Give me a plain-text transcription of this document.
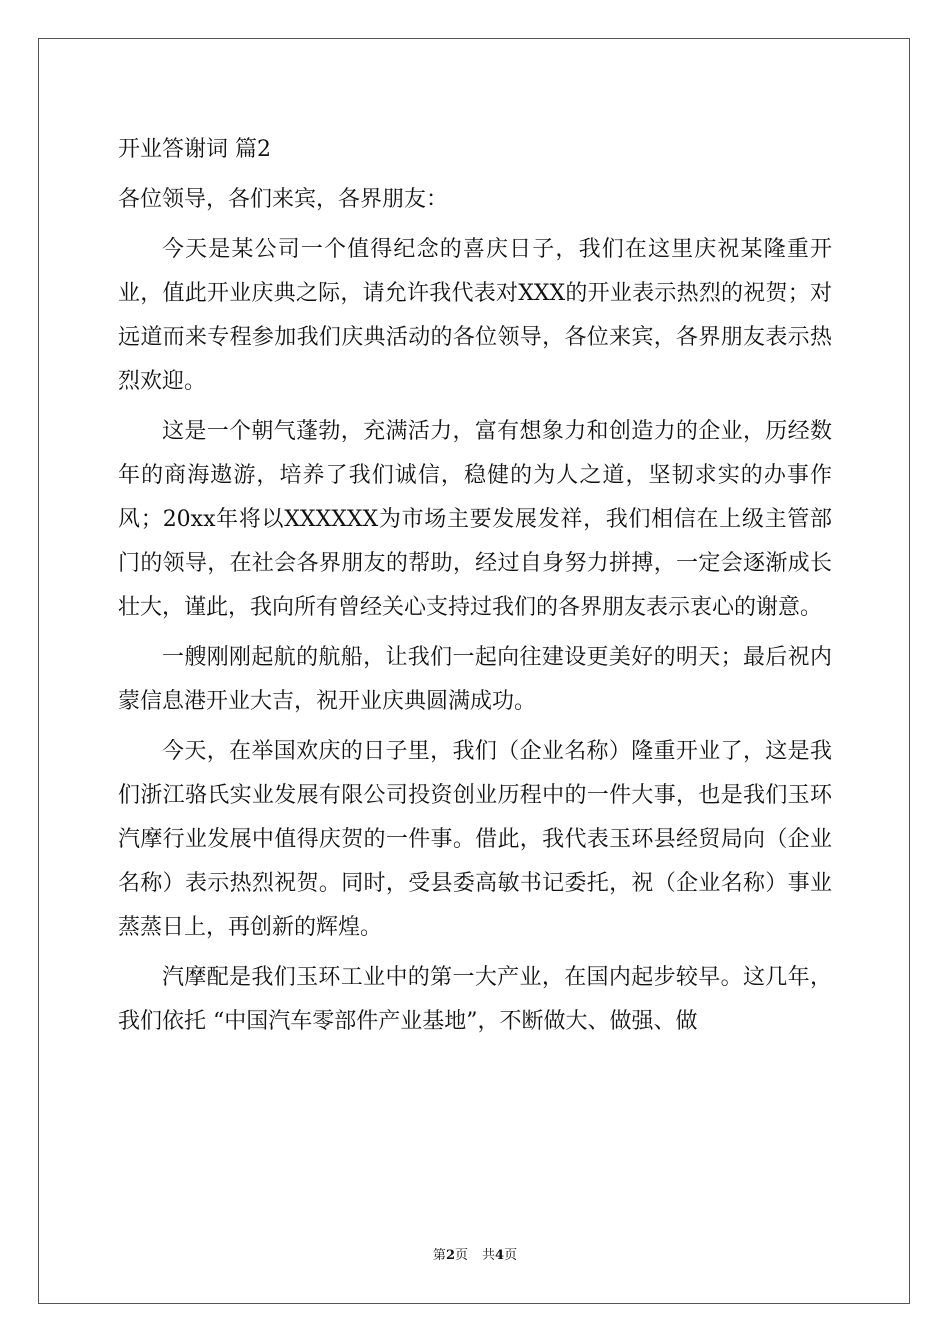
开业答谢词 篇2

各位领导，各们来宾，各界朋友：

今天是某公司一个值得纪念的喜庆日子，我们在这里庆祝某隆重开业，值此开业庆典之际，请允许我代表对XXX的开业表示热烈的祝贺；对远道而来专程参加我们庆典活动的各位领导，各位来宾，各界朋友表示热烈欢迎。

这是一个朝气蓬勃，充满活力，富有想象力和创造力的企业，历经数年的商海遨游，培养了我们诚信，稳健的为人之道，坚韧求实的办事作风；20xx年将以XXXXXX为市场主要发展发祥，我们相信在上级主管部门的领导，在社会各界朋友的帮助，经过自身努力拼搏，一定会逐渐成长壮大，谨此，我向所有曾经关心支持过我们的各界朋友表示衷心的谢意。

一艘刚刚起航的航船，让我们一起向往建设更美好的明天；最后祝内蒙信息港开业大吉，祝开业庆典圆满成功。

今天，在举国欢庆的日子里，我们（企业名称）隆重开业了，这是我们浙江骆氏实业发展有限公司投资创业历程中的一件大事，也是我们玉环汽摩行业发展中值得庆贺的一件事。借此，我代表玉环县经贸局向（企业名称）表示热烈祝贺。同时，受县委高敏书记委托，祝（企业名称）事业蒸蒸日上，再创新的辉煌。

汽摩配是我们玉环工业中的第一大产业，在国内起步较早。这几年，我们依托 “中国汽车零部件产业基地”，不断做大、做强、做

第2页 共4页
